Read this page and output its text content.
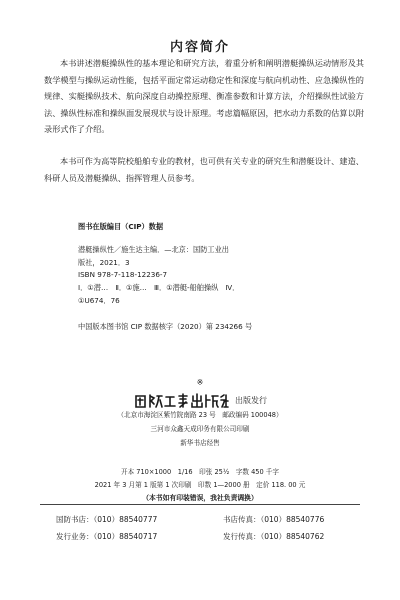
内容简介
本书讲述潜艇操纵性的基本理论和研究方法，着重分析和阐明潜艇操纵运动情形及其数学模型与操纵运动性能，包括平面定常运动稳定性和深度与航向机动性、应急操纵性的规律、实艇操纵技术、航向深度自动操控原理、衡准参数和计算方法，介绍操纵性试验方法、操纵性标准和操纵面发展现状与设计原理。考虑篇幅原因，把水动力系数的估算以附录形式作了介绍。
本书可作为高等院校船舶专业的教材，也可供有关专业的研究生和潜艇设计、建造、科研人员及潜艇操纵、指挥管理人员参考。
图书在版编目（CIP）数据
潜艇操纵性／施生达主编．—北京：国防工业出
版社，2021．3
ISBN 978-7-118-12236-7
Ⅰ．①潜…　Ⅱ．①施…　Ⅲ．①潜艇-船舶操纵　Ⅳ．
①U674．76
中国版本图书馆 CIP 数据核字（2020）第 234266 号
※
出版发行
（北京市海淀区紫竹院南路 23 号　邮政编码 100048）
三河市众鑫天成印务有限公司印刷
新华书店经售
开本 710×1000　1/16　印张 25½　字数 450 千字
2021 年 3 月第 1 版第 1 次印刷　印数 1—2000 册　定价 118. 00 元
（本书如有印装错误，我社负责调换）
国防书店：（010）88540777	书店传真：（010）88540776
发行业务：（010）88540717	发行传真：（010）88540762
